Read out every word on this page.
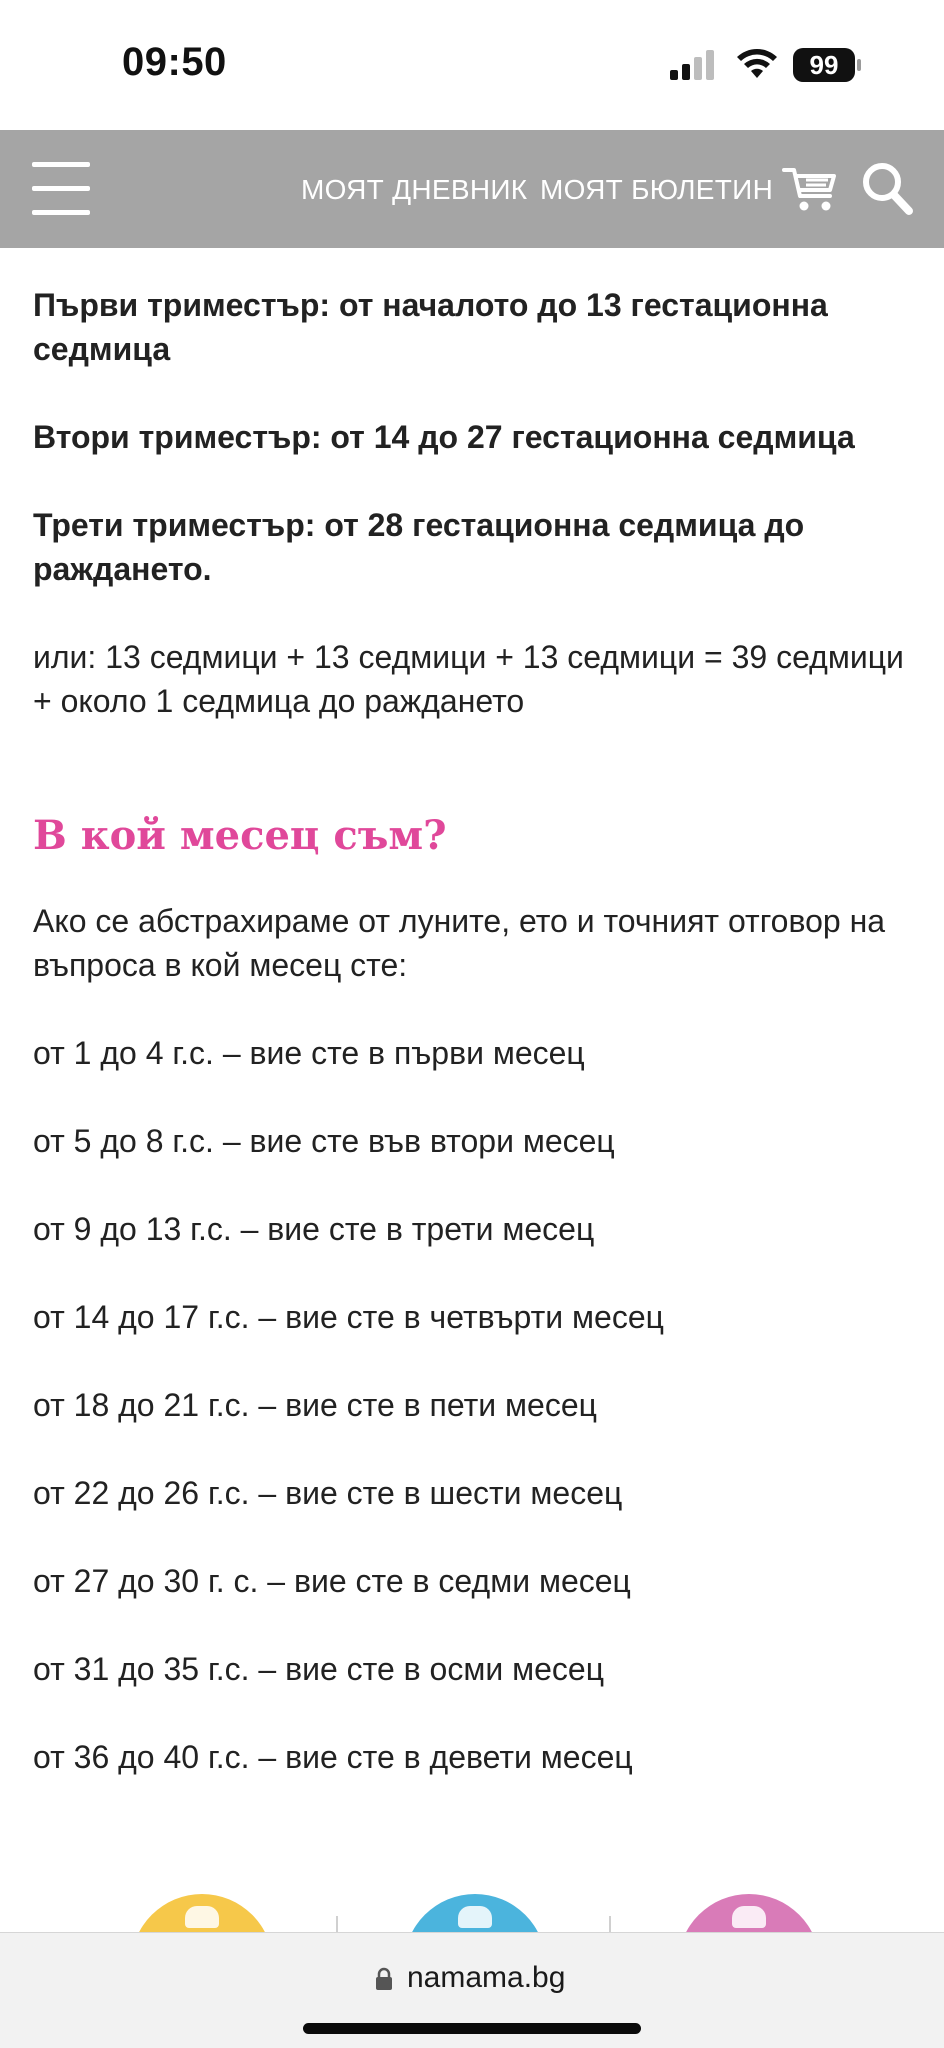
09:50	99
МОЯТ ДНЕВНИК МОЯТ БЮЛЕТИН

Първи триместър: от началото до 13 гестационна седмица

Втори триместър: от 14 до 27 гестационна седмица

Трети триместър: от 28 гестационна седмица до раждането.

или: 13 седмици + 13 седмици + 13 седмици = 39 седмици + около 1 седмица до раждането

В кой месец съм?

Ако се абстрахираме от луните, ето и точният отговор на въпроса в кой месец сте:

от 1 до 4 г.с. – вие сте в първи месец

от 5 до 8 г.с. – вие сте във втори месец

от 9 до 13 г.с. – вие сте в трети месец

от 14 до 17 г.с. – вие сте в четвърти месец

от 18 до 21 г.с. – вие сте в пети месец

от 22 до 26 г.с. – вие сте в шести месец

от 27 до 30 г. с. – вие сте в седми месец

от 31 до 35 г.с. – вие сте в осми месец

от 36 до 40 г.с. – вие сте в девети месец

namama.bg
